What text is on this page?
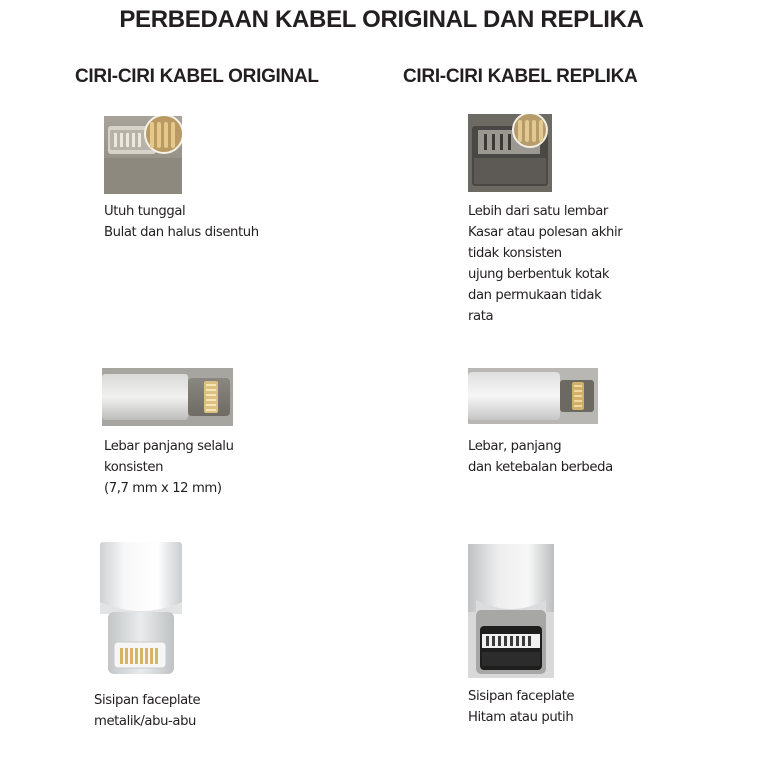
PERBEDAAN KABEL ORIGINAL DAN REPLIKA
CIRI-CIRI KABEL ORIGINAL	CIRI-CIRI KABEL REPLIKA
Utuh tunggal
Bulat dan halus disentuh
Lebih dari satu lembar
Kasar atau polesan akhir
tidak konsisten
ujung berbentuk kotak
dan permukaan tidak
rata
Lebar panjang selalu
konsisten
(7,7 mm x 12 mm)
Lebar, panjang
dan ketebalan berbeda
Sisipan faceplate
metalik/abu-abu
Sisipan faceplate
Hitam atau putih
